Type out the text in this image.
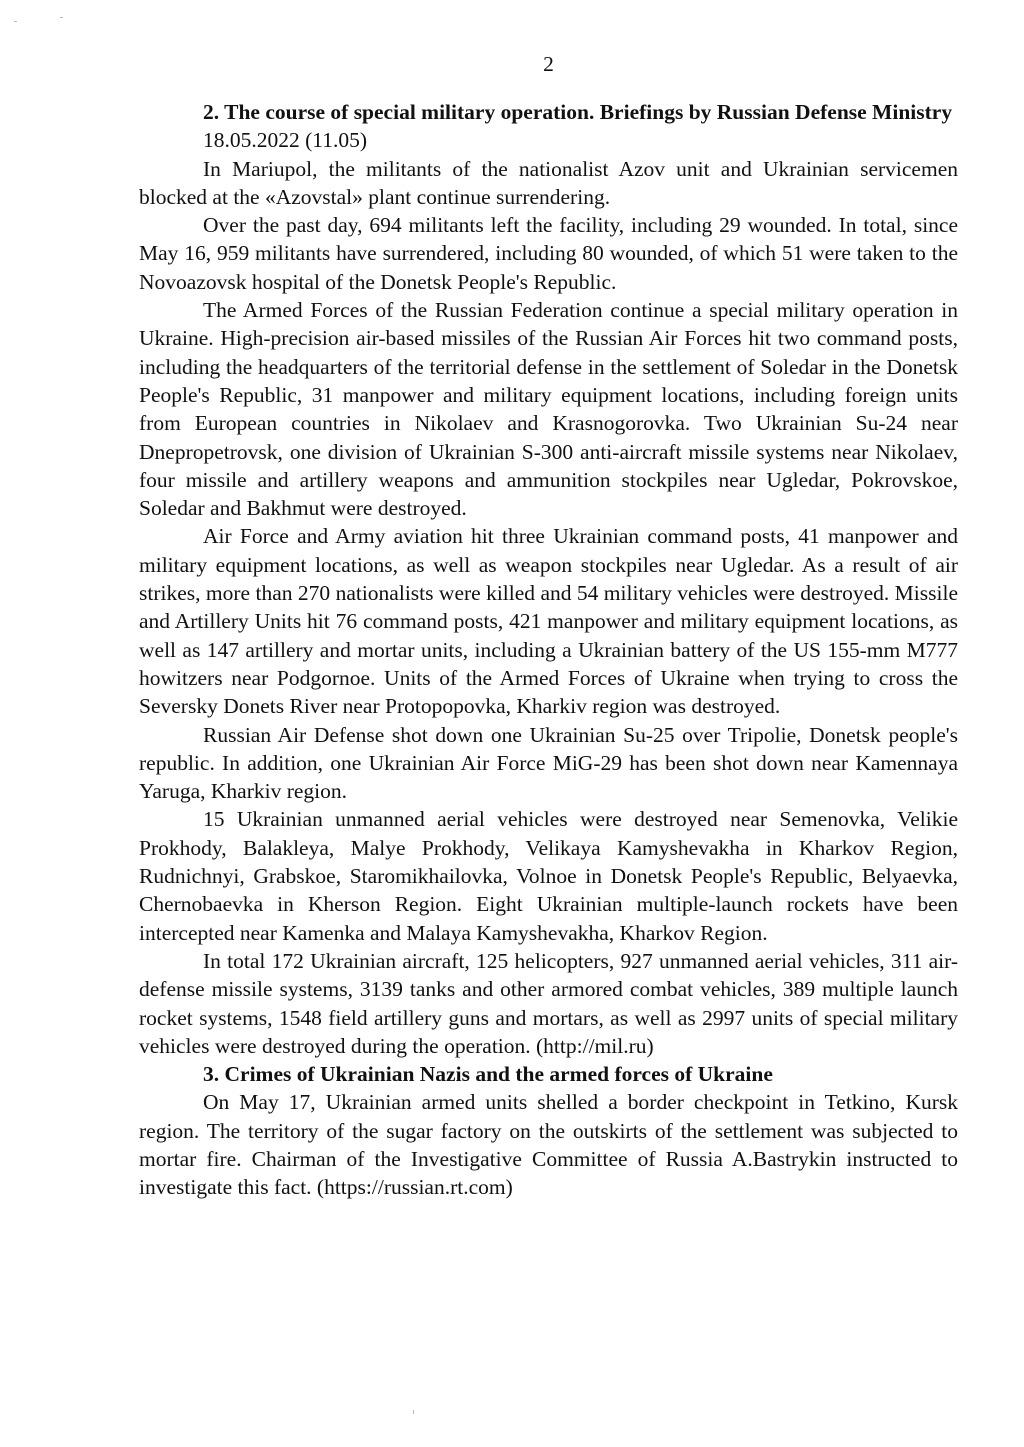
2

2. The course of special military operation. Briefings by Russian Defense Ministry

18.05.2022 (11.05)

In Mariupol, the militants of the nationalist Azov unit and Ukrainian servicemen blocked at the «Azovstal» plant continue surrendering.

Over the past day, 694 militants left the facility, including 29 wounded. In total, since May 16, 959 militants have surrendered, including 80 wounded, of which 51 were taken to the Novoazovsk hospital of the Donetsk People's Republic.

The Armed Forces of the Russian Federation continue a special military operation in Ukraine. High-precision air-based missiles of the Russian Air Forces hit two command posts, including the headquarters of the territorial defense in the settlement of Soledar in the Donetsk People's Republic, 31 manpower and military equipment locations, including foreign units from European countries in Nikolaev and Krasnogorovka. Two Ukrainian Su-24 near Dnepropetrovsk, one division of Ukrainian S-300 anti-aircraft missile systems near Nikolaev, four missile and artillery weapons and ammunition stockpiles near Ugledar, Pokrovskoe, Soledar and Bakhmut were destroyed.

Air Force and Army aviation hit three Ukrainian command posts, 41 manpower and military equipment locations, as well as weapon stockpiles near Ugledar. As a result of air strikes, more than 270 nationalists were killed and 54 military vehicles were destroyed. Missile and Artillery Units hit 76 command posts, 421 manpower and military equipment locations, as well as 147 artillery and mortar units, including a Ukrainian battery of the US 155-mm M777 howitzers near Podgornoe. Units of the Armed Forces of Ukraine when trying to cross the Seversky Donets River near Protopopovka, Kharkiv region was destroyed.

Russian Air Defense shot down one Ukrainian Su-25 over Tripolie, Donetsk people's republic. In addition, one Ukrainian Air Force MiG-29 has been shot down near Kamennaya Yaruga, Kharkiv region.

15 Ukrainian unmanned aerial vehicles were destroyed near Semenovka, Velikie Prokhody, Balakleya, Malye Prokhody, Velikaya Kamyshevakha in Kharkov Region, Rudnichnyi, Grabskoe, Staromikhailovka, Volnoe in Donetsk People's Republic, Belyaevka, Chernobaevka in Kherson Region. Eight Ukrainian multiple-launch rockets have been intercepted near Kamenka and Malaya Kamyshevakha, Kharkov Region.

In total 172 Ukrainian aircraft, 125 helicopters, 927 unmanned aerial vehicles, 311 air-defense missile systems, 3139 tanks and other armored combat vehicles, 389 multiple launch rocket systems, 1548 field artillery guns and mortars, as well as 2997 units of special military vehicles were destroyed during the operation. (http://mil.ru)

3. Crimes of Ukrainian Nazis and the armed forces of Ukraine

On May 17, Ukrainian armed units shelled a border checkpoint in Tetkino, Kursk region. The territory of the sugar factory on the outskirts of the settlement was subjected to mortar fire. Chairman of the Investigative Committee of Russia A.Bastrykin instructed to investigate this fact. (https://russian.rt.com)
